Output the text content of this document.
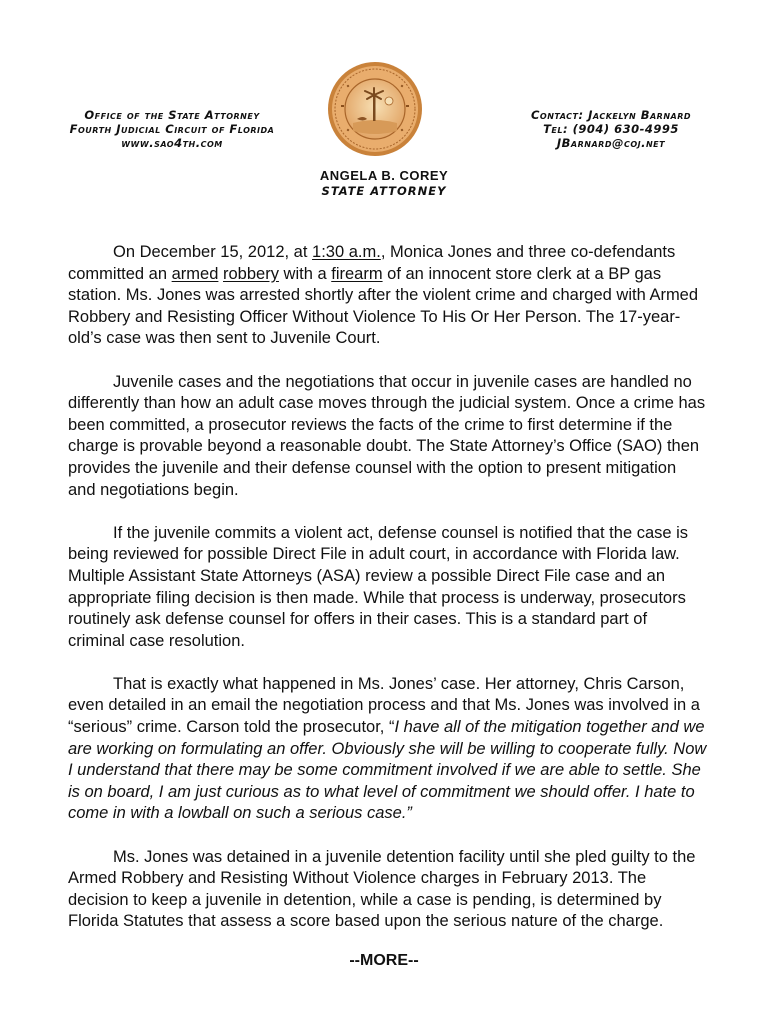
Office of the State Attorney
Fourth Judicial Circuit of Florida
www.sao4th.com
Contact: Jackelyn Barnard
Tel: (904) 630-4995
JBarnard@coj.net
ANGELA B. COREY
STATE ATTORNEY

On December 15, 2012, at 1:30 a.m., Monica Jones and three co-defendants committed an armed robbery with a firearm of an innocent store clerk at a BP gas station. Ms. Jones was arrested shortly after the violent crime and charged with Armed Robbery and Resisting Officer Without Violence To His Or Her Person. The 17-year-old’s case was then sent to Juvenile Court.

Juvenile cases and the negotiations that occur in juvenile cases are handled no differently than how an adult case moves through the judicial system. Once a crime has been committed, a prosecutor reviews the facts of the crime to first determine if the charge is provable beyond a reasonable doubt. The State Attorney’s Office (SAO) then provides the juvenile and their defense counsel with the option to present mitigation and negotiations begin.

If the juvenile commits a violent act, defense counsel is notified that the case is being reviewed for possible Direct File in adult court, in accordance with Florida law. Multiple Assistant State Attorneys (ASA) review a possible Direct File case and an appropriate filing decision is then made. While that process is underway, prosecutors routinely ask defense counsel for offers in their cases. This is a standard part of criminal case resolution.

That is exactly what happened in Ms. Jones’ case. Her attorney, Chris Carson, even detailed in an email the negotiation process and that Ms. Jones was involved in a “serious” crime. Carson told the prosecutor, “I have all of the mitigation together and we are working on formulating an offer. Obviously she will be willing to cooperate fully. Now I understand that there may be some commitment involved if we are able to settle. She is on board, I am just curious as to what level of commitment we should offer. I hate to come in with a lowball on such a serious case.”

Ms. Jones was detained in a juvenile detention facility until she pled guilty to the Armed Robbery and Resisting Without Violence charges in February 2013. The decision to keep a juvenile in detention, while a case is pending, is determined by Florida Statutes that assess a score based upon the serious nature of the charge.

--MORE--
